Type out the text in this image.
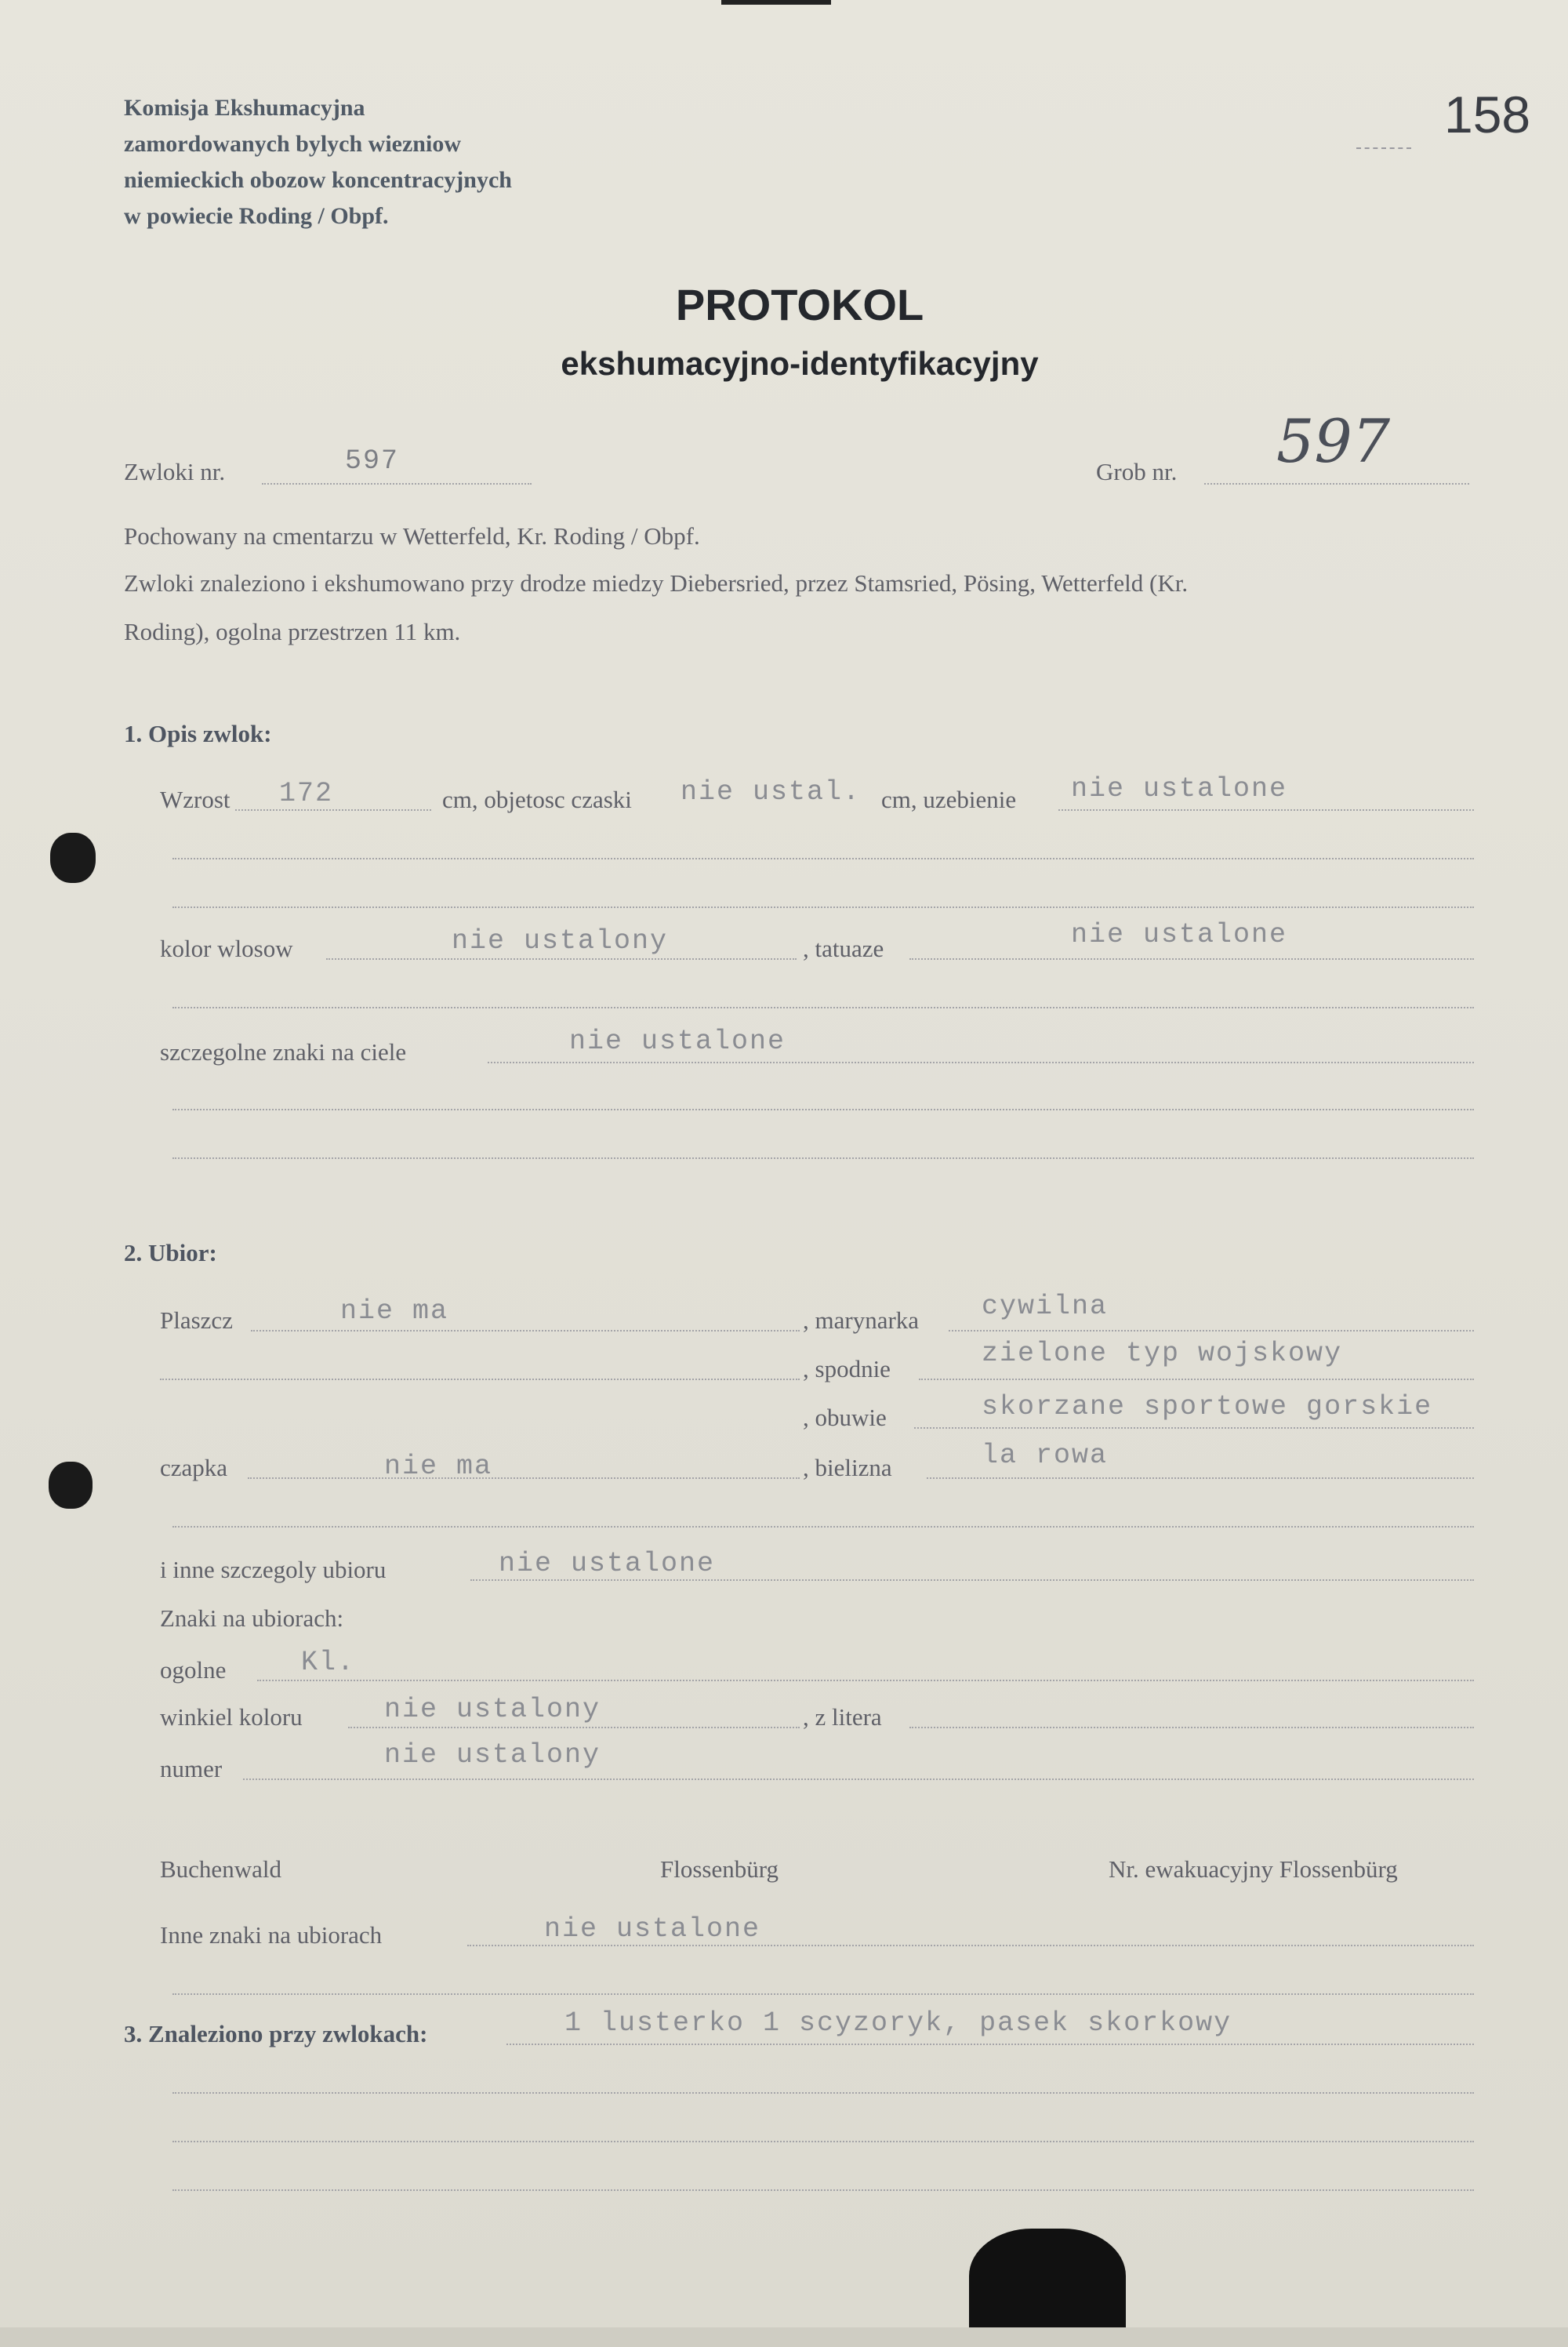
158
Komisja Ekshumacyjna
zamordowanych bylych wiezniow
niemieckich obozow koncentracyjnych
w powiecie Roding / Obpf.
PROTOKOL
ekshumacyjno-identyfikacyjny
Zwloki nr.	597	Grob nr. 597
Pochowany na cmentarzu w Wetterfeld, Kr. Roding / Obpf.
Zwloki znaleziono i ekshumowano przy drodze miedzy Diebersried, przez Stamsried, Pösing, Wetterfeld (Kr.
Roding), ogolna przestrzen 11 km.
1. Opis zwlok:
Wzrost 172	cm, objetosc czaski nie ustal. cm, uzebienie nie ustalone
kolor wlosow	nie ustalony	, tatuaze	nie ustalone
szczegolne znaki na ciele	nie ustalone
2. Ubior:
Plaszcz	nie ma	, marynarka cywilna
, spodnie	zielone typ wojskowy
, obuwie	skorzane sportowe gorskie
czapka	nie ma	, bielizna	la rowa
i inne szczegoly ubioru	nie ustalone
Znaki na ubiorach:
ogolne	Kl.
winkiel koloru	nie ustalony	, z litera
numer	nie ustalony
Buchenwald	Flossenbürg	Nr. ewakuacyjny Flossenbürg
Inne znaki na ubiorach	nie ustalone
3. Znaleziono przy zwlokach:	1 lusterko 1 scyzoryk, pasek skorkowy
